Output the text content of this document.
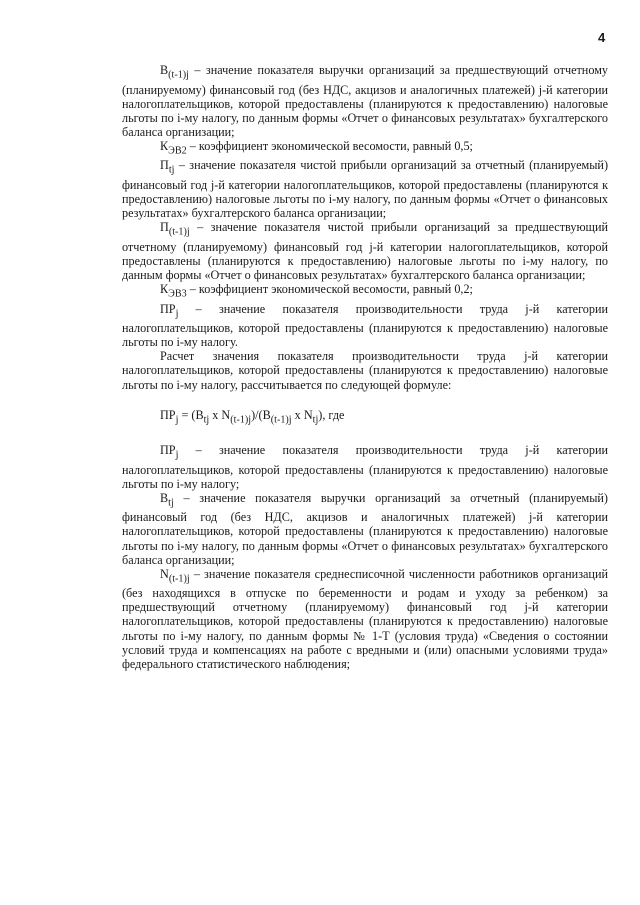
4

$В_{(t-1)j}$ – значение показателя выручки организаций за предшествующий отчетному (планируемому) финансовый год (без НДС, акцизов и аналогичных платежей) j-й категории налогоплательщиков, которой предоставлены (планируются к предоставлению) налоговые льготы по i-му налогу, по данным формы «Отчет о финансовых результатах» бухгалтерского баланса организации;

$К_{ЭВ2}$ – коэффициент экономической весомости, равный 0,5;

$П_{tj}$ – значение показателя чистой прибыли организаций за отчетный (планируемый) финансовый год j-й категории налогоплательщиков, которой предоставлены (планируются к предоставлению) налоговые льготы по i-му налогу, по данным формы «Отчет о финансовых результатах» бухгалтерского баланса организации;

$П_{(t-1)j}$ – значение показателя чистой прибыли организаций за предшествующий отчетному (планируемому) финансовый год j-й категории налогоплательщиков, которой предоставлены (планируются к предоставлению) налоговые льготы по i-му налогу, по данным формы «Отчет о финансовых результатах» бухгалтерского баланса организации;

$К_{ЭВ3}$ – коэффициент экономической весомости, равный 0,2;

$ПР_j$ – значение показателя производительности труда j-й категории налогоплательщиков, которой предоставлены (планируются к предоставлению) налоговые льготы по i-му налогу.

Расчет значения показателя производительности труда j-й категории налогоплательщиков, которой предоставлены (планируются к предоставлению) налоговые льготы по i-му налогу, рассчитывается по следующей формуле:

$ПР_j = (В_{tj}$ x $N_{(t-1)j})/(В_{(t-1)j}$ x $N_{tj}$), где

$ПР_j$ – значение показателя производительности труда j-й категории налогоплательщиков, которой предоставлены (планируются к предоставлению) налоговые льготы по i-му налогу;

$В_{tj}$ – значение показателя выручки организаций за отчетный (планируемый) финансовый год (без НДС, акцизов и аналогичных платежей) j-й категории налогоплательщиков, которой предоставлены (планируются к предоставлению) налоговые льготы по i-му налогу, по данным формы «Отчет о финансовых результатах» бухгалтерского баланса организации;

$N_{(t-1)j}$ – значение показателя среднесписочной численности работников организаций (без находящихся в отпуске по беременности и родам и уходу за ребенком) за предшествующий отчетному (планируемому) финансовый год j-й категории налогоплательщиков, которой предоставлены (планируются к предоставлению) налоговые льготы по i-му налогу, по данным формы № 1-Т (условия труда) «Сведения о состоянии условий труда и компенсациях на работе с вредными и (или) опасными условиями труда» федерального статистического наблюдения;
